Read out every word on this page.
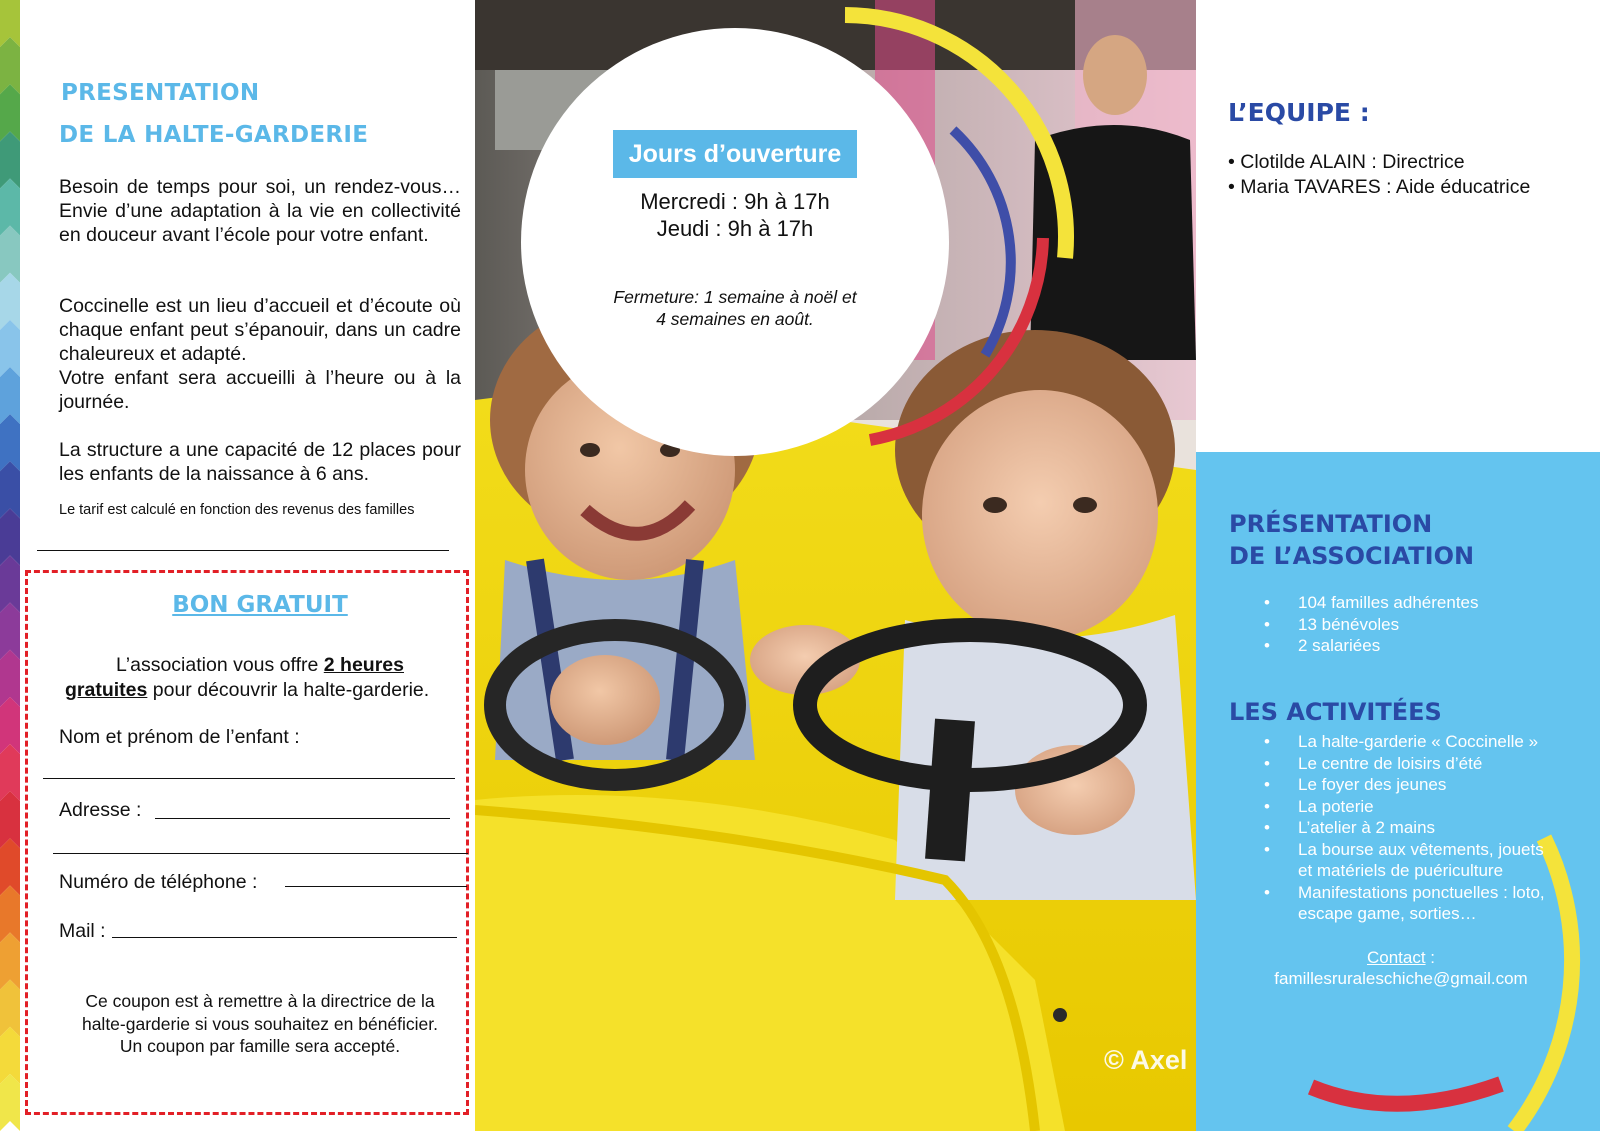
PRESENTATION
DE LA HALTE-GARDERIE
Besoin de temps pour soi, un rendez-vous… Envie d’une adaptation à la vie en collectivité en douceur avant l’école pour votre enfant.
Coccinelle est un lieu d’accueil et d’écoute où chaque enfant peut s’épanouir, dans un cadre chaleureux et adapté.
Votre enfant sera accueilli à l’heure ou à la journée.
La structure a une capacité de 12 places pour les enfants de la naissance à 6 ans.
Le tarif est calculé en fonction des revenus des familles
BON GRATUIT
L’association vous offre 2 heures
gratuites pour découvrir la halte-garderie.
Nom et prénom de l’enfant :
Adresse :
Numéro de téléphone :
Mail :
Ce coupon est à remettre à la directrice de la
halte-garderie si vous souhaitez en bénéficier.
Un coupon par famille sera accepté.
Jours d’ouverture
Mercredi : 9h à 17h
Jeudi : 9h à 17h
Fermeture: 1 semaine à noël et
4 semaines en août.
© Axel
L’EQUIPE :
• Clotilde ALAIN : Directrice
• Maria TAVARES : Aide éducatrice
PRÉSENTATION
DE L’ASSOCIATION
• 104 familles adhérentes
• 13 bénévoles
• 2 salariées
LES ACTIVITÉES
• La halte-garderie « Coccinelle »
• Le centre de loisirs d’été
• Le foyer des jeunes
• La poterie
• L’atelier à 2 mains
• La bourse aux vêtements, jouets
et matériels de puériculture
• Manifestations ponctuelles : loto,
escape game, sorties…
Contact :
famillesruraleschiche@gmail.com
